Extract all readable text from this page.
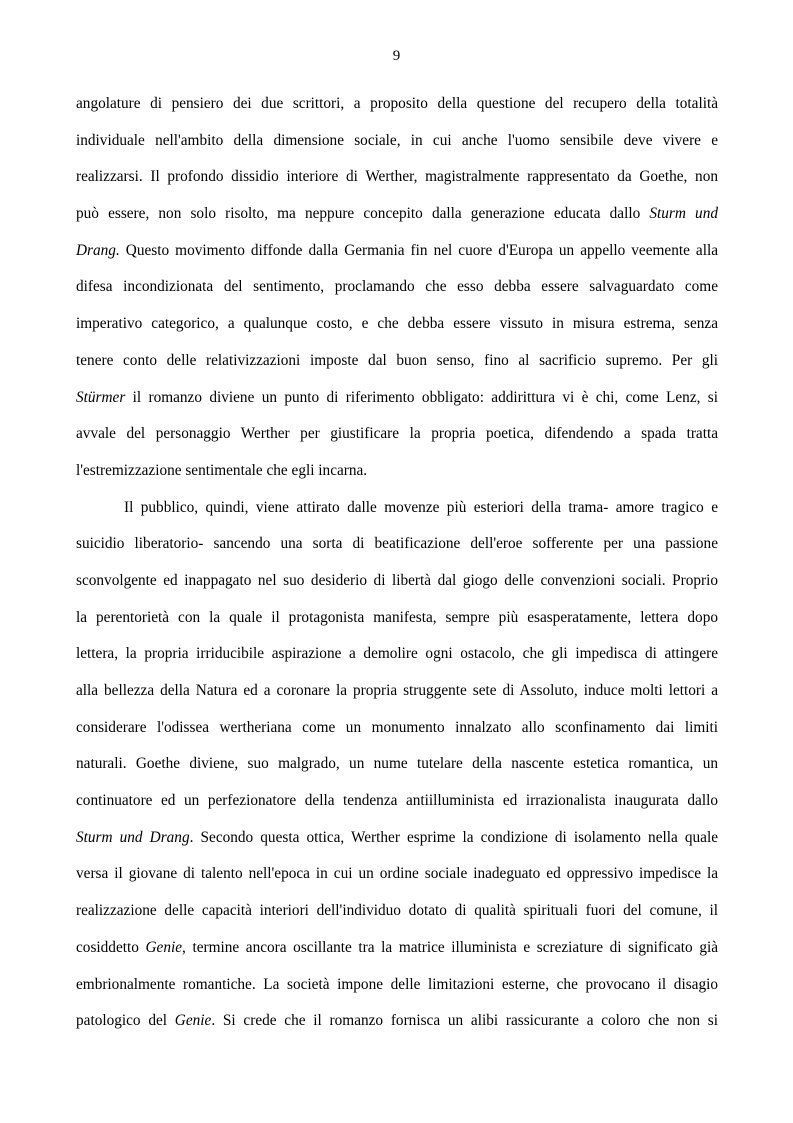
9
angolature di pensiero dei due scrittori, a proposito della questione del recupero della totalità
individuale nell'ambito della dimensione sociale, in cui anche l'uomo sensibile deve vivere e
realizzarsi. Il profondo dissidio interiore di Werther, magistralmente rappresentato da Goethe, non
può essere, non solo risolto, ma neppure concepito dalla generazione educata dallo Sturm und
Drang. Questo movimento diffonde dalla Germania fin nel cuore d'Europa un appello veemente alla
difesa incondizionata del sentimento, proclamando che esso debba essere salvaguardato come
imperativo categorico, a qualunque costo, e che debba essere vissuto in misura estrema, senza
tenere conto delle relativizzazioni imposte dal buon senso, fino al sacrificio supremo. Per gli
Stürmer il romanzo diviene un punto di riferimento obbligato: addirittura vi è chi, come Lenz, si
avvale del personaggio Werther per giustificare la propria poetica, difendendo a spada tratta
l'estremizzazione sentimentale che egli incarna.
Il pubblico, quindi, viene attirato dalle movenze più esteriori della trama- amore tragico e
suicidio liberatorio- sancendo una sorta di beatificazione dell'eroe sofferente per una passione
sconvolgente ed inappagato nel suo desiderio di libertà dal giogo delle convenzioni sociali. Proprio
la perentorietà con la quale il protagonista manifesta, sempre più esasperatamente, lettera dopo
lettera, la propria irriducibile aspirazione a demolire ogni ostacolo, che gli impedisca di attingere
alla bellezza della Natura ed a coronare la propria struggente sete di Assoluto, induce molti lettori a
considerare l'odissea wertheriana come un monumento innalzato allo sconfinamento dai limiti
naturali. Goethe diviene, suo malgrado, un nume tutelare della nascente estetica romantica, un
continuatore ed un perfezionatore della tendenza antiilluminista ed irrazionalista inaugurata dallo
Sturm und Drang. Secondo questa ottica, Werther esprime la condizione di isolamento nella quale
versa il giovane di talento nell'epoca in cui un ordine sociale inadeguato ed oppressivo impedisce la
realizzazione delle capacità interiori dell'individuo dotato di qualità spirituali fuori del comune, il
cosiddetto Genie, termine ancora oscillante tra la matrice illuminista e screziature di significato già
embrionalmente romantiche. La società impone delle limitazioni esterne, che provocano il disagio
patologico del Genie. Si crede che il romanzo fornisca un alibi rassicurante a coloro che non si
